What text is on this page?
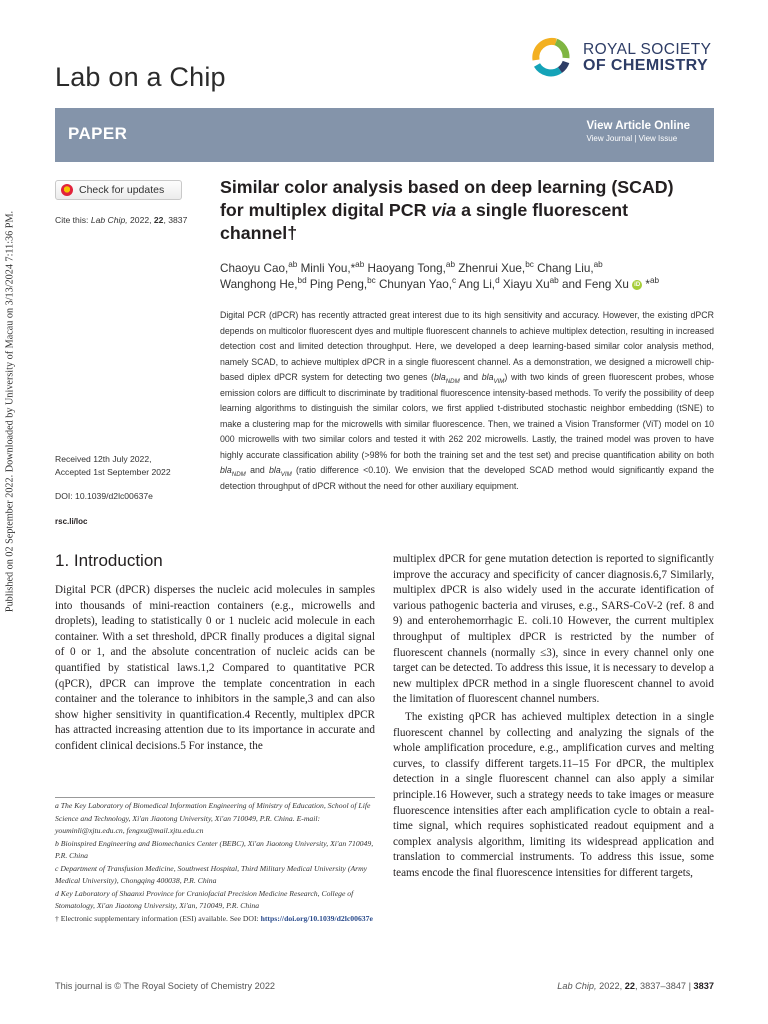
Published on 02 September 2022. Downloaded by University of Macau on 3/13/2024 7:11:36 PM.
Lab on a Chip
ROYAL SOCIETY
OF CHEMISTRY
PAPER	View Article Online
View Journal | View Issue
Check for updates
Cite this: Lab Chip, 2022, 22, 3837
Received 12th July 2022,
Accepted 1st September 2022
DOI: 10.1039/d2lc00637e
rsc.li/loc
Similar color analysis based on deep learning (SCAD) for multiplex digital PCR via a single fluorescent channel†
Chaoyu Cao,$^{ab}$ Minli You,*$^{ab}$ Haoyang Tong,$^{ab}$ Zhenrui Xue,$^{bc}$ Chang Liu,$^{ab}$
Wanghong He,$^{bd}$ Ping Peng,$^{bc}$ Chunyan Yao,$^c$ Ang Li,$^d$ Xiayu $Xu^{ab}$ and Feng Xu iD *$^{ab}$
Digital PCR (dPCR) has recently attracted great interest due to its high sensitivity and accuracy. However, the existing dPCR depends on multicolor fluorescent dyes and multiple fluorescent channels to achieve multiplex detection, resulting in increased detection cost and limited detection throughput. Here, we developed a deep learning-based similar color analysis method, namely SCAD, to achieve multiplex dPCR in a single fluorescent channel. As a demonstration, we designed a microwell chip-based diplex dPCR system for detecting two genes (bla$_{NDM}$ and bla$_{VIM}$) with two kinds of green fluorescent probes, whose emission colors are difficult to discriminate by traditional fluorescence intensity-based methods. To verify the possibility of deep learning algorithms to distinguish the similar colors, we first applied t-distributed stochastic neighbor embedding (tSNE) to make a clustering map for the microwells with similar fluorescence. Then, we trained a Vision Transformer (ViT) model on 10 000 microwells with two similar colors and tested it with 262 202 microwells. Lastly, the trained model was proven to have highly accurate classification ability (>98% for both the training set and the test set) and precise quantification ability on both bla$_{NDM}$ and bla$_{VIM}$ (ratio difference <0.10). We envision that the developed SCAD method would significantly expand the detection throughput of dPCR without the need for other auxiliary equipment.
1. Introduction

Digital PCR (dPCR) disperses the nucleic acid molecules in samples into thousands of mini-reaction containers (e.g., microwells and droplets), leading to statistically 0 or 1 nucleic acid molecule in each container. With a set threshold, dPCR finally produces a digital signal of 0 or 1, and the absolute concentration of nucleic acids can be quantified by statistical laws.1,2 Compared to quantitative PCR (qPCR), dPCR can improve the template concentration in each container and the tolerance to inhibitors in the sample,3 and can also show higher sensitivity in quantification.4 Recently, multiplex dPCR has attracted increasing attention due to its importance in accurate and confident clinical decisions.5 For instance, the

multiplex dPCR for gene mutation detection is reported to significantly improve the accuracy and specificity of cancer diagnosis.6,7 Similarly, multiplex dPCR is also widely used in the accurate identification of various pathogenic bacteria and viruses, e.g., SARS-CoV-2 (ref. 8 and 9) and enterohemorrhagic E. coli.10 However, the current multiplex throughput of multiplex dPCR is restricted by the number of fluorescent channels (normally ≤3), since in every channel only one target can be detected. To address this issue, it is necessary to develop a new multiplex dPCR method in a single fluorescent channel to avoid the limitation of fluorescent channel numbers.

The existing qPCR has achieved multiplex detection in a single fluorescent channel by collecting and analyzing the signals of the whole amplification procedure, e.g., amplification curves and melting curves, to classify different targets.11–15 For dPCR, the multiplex detection in a single fluorescent channel can also apply a similar principle.16 However, such a strategy needs to take images or measure fluorescence intensities after each amplification cycle to obtain a real-time signal, which requires sophisticated readout equipment and a complex analysis algorithm, limiting its widespread application and translation to commercial instruments. To address this issue, some teams encode the final fluorescence intensities for different targets,

a The Key Laboratory of Biomedical Information Engineering of Ministry of Education, School of Life Science and Technology, Xi'an Jiaotong University, Xi'an 710049, P.R. China. E-mail: youminli@xjtu.edu.cn, fengxu@mail.xjtu.edu.cn

b Bioinspired Engineering and Biomechanics Center (BEBC), Xi'an Jiaotong University, Xi'an 710049, P.R. China

c Department of Transfusion Medicine, Southwest Hospital, Third Military Medical University (Army Medical University), Chongqing 400038, P.R. China

d Key Laboratory of Shaanxi Province for Craniofacial Precision Medicine Research, College of Stomatology, Xi'an Jiaotong University, Xi'an, 710049, P.R. China

† Electronic supplementary information (ESI) available. See DOI: https://doi.org/10.1039/d2lc00637e

This journal is © The Royal Society of Chemistry 2022	Lab Chip, 2022, 22, 3837–3847 | 3837
